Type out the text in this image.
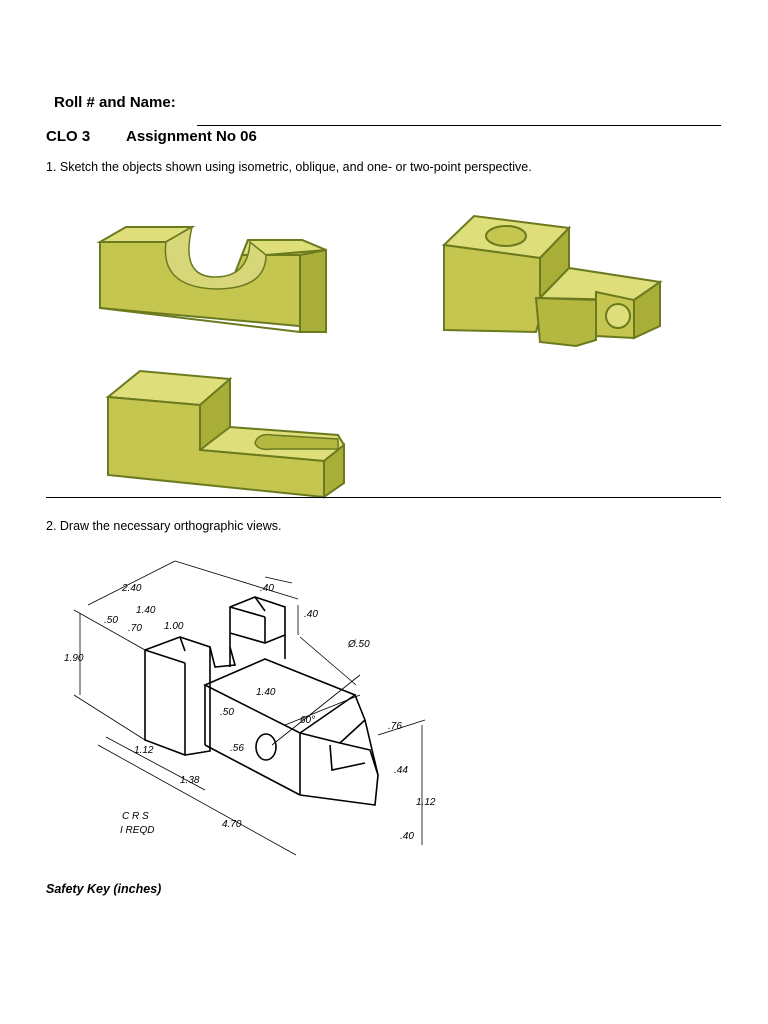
Roll # and Name:
CLO 3 Assignment No 06
1. Sketch the objects shown using isometric, oblique, and one- or two-point perspective.
2. Draw the necessary orthographic views.
2.40	.40
.50
1.40
.70 1.00
.40
1.90
Ø.50
1.40
.50
60°
.56
1.12
1.38
4.70
.76
.44
1.12
.40
C R S
I REQD
Safety Key (inches)
